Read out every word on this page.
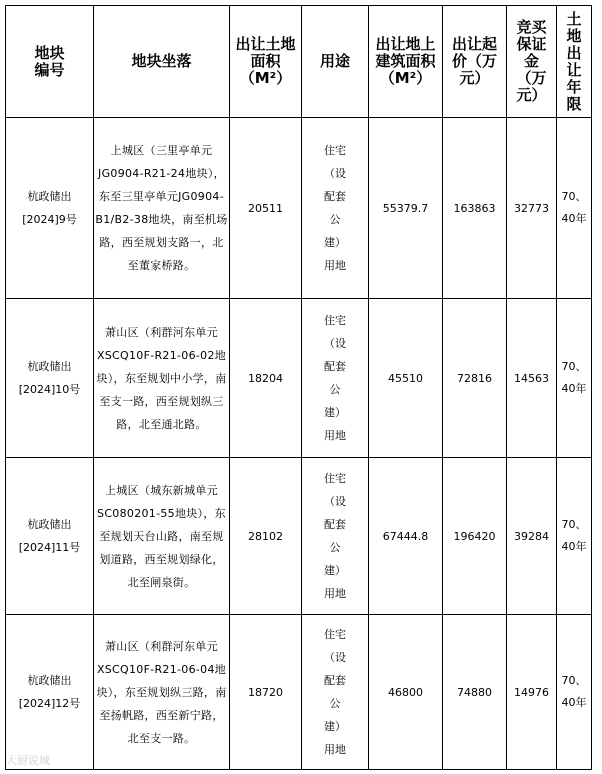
地块编号	地块坐落	出让土地面积（M²）	用途	出让地上建筑面积（M²）	出让起价（万元）	竞买保证金（万元）	土地出让年限

杭政储出[2024]9号	上城区（三里亭单元JG0904-R21-24地块），东至三里亭单元JG0904-B1/B2-38地块，南至机场路，西至规划支路一，北至董家桥路。	20511	住宅（设配套公建）用地	55379.7	163863	32773	70、40年

杭政储出[2024]10号	萧山区（利群河东单元XSCQ10F-R21-06-02地块），东至规划中小学，南至支一路，西至规划纵三路，北至通北路。	18204	住宅（设配套公建）用地	45510	72816	14563	70、40年

杭政储出[2024]11号	上城区（城东新城单元SC080201-55地块），东至规划天台山路，南至规划道路，西至规划绿化，北至闸泉街。	28102	住宅（设配套公建）用地	67444.8	196420	39284	70、40年

杭政储出[2024]12号	萧山区（利群河东单元XSCQ10F-R21-06-04地块），东至规划纵三路，南至扬帆路，西至新宁路，北至支一路。	18720	住宅（设配套公建）用地	46800	74880	14976	70、40年
大厨说城
